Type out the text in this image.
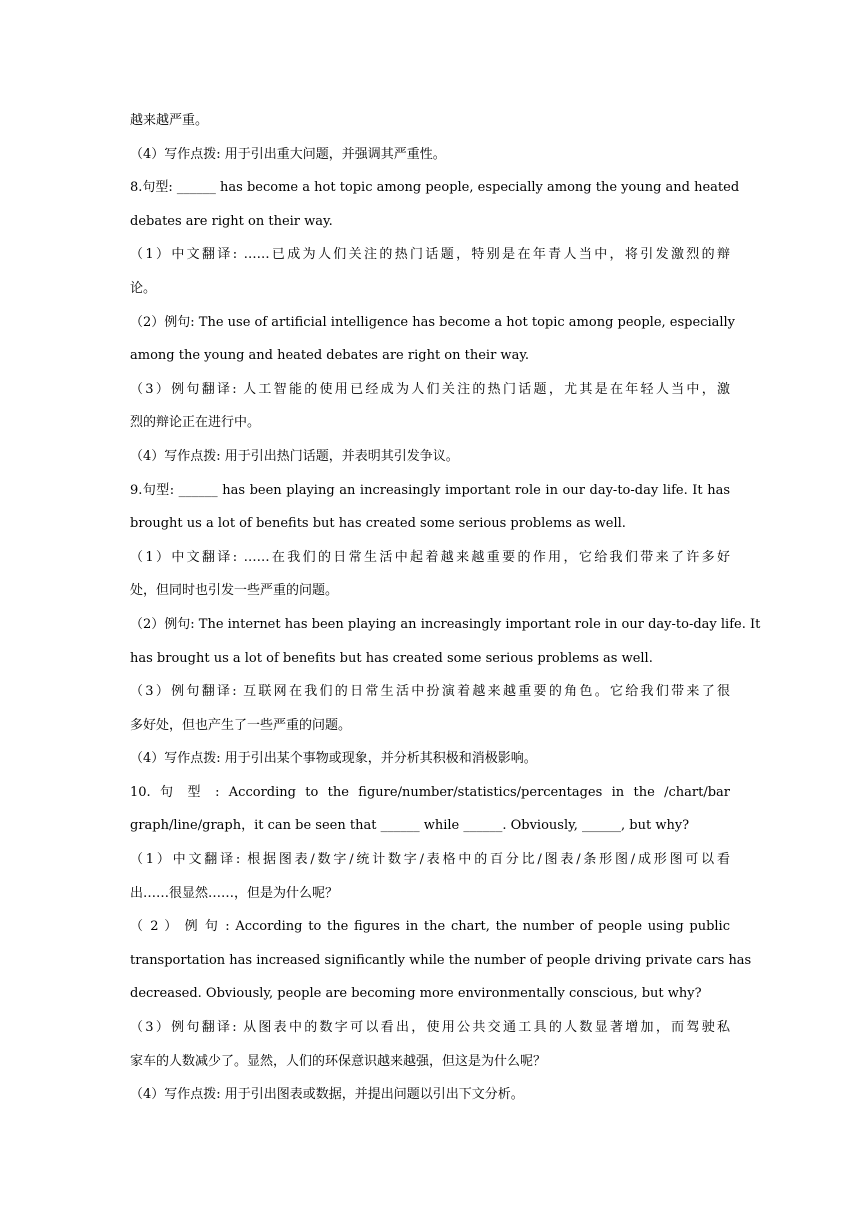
越来越严重。
（4）写作点拨: 用于引出重大问题，并强调其严重性。
8.句型: ______ has become a hot topic among people, especially among the young and heated
debates are right on their way.
（1）中文翻译: ……已成为人们关注的热门话题，特别是在年青人当中，将引发激烈的辩
论。
（2）例句: The use of artificial intelligence has become a hot topic among people, especially
among the young and heated debates are right on their way.
（3）例句翻译: 人工智能的使用已经成为人们关注的热门话题，尤其是在年轻人当中，激
烈的辩论正在进行中。
（4）写作点拨: 用于引出热门话题，并表明其引发争议。
9.句型: ______ has been playing an increasingly important role in our day-to-day life. It has
brought us a lot of benefits but has created some serious problems as well.
（1）中文翻译: ……在我们的日常生活中起着越来越重要的作用，它给我们带来了许多好
处，但同时也引发一些严重的问题。
（2）例句: The internet has been playing an increasingly important role in our day-to-day life. It
has brought us a lot of benefits but has created some serious problems as well.
（3）例句翻译: 互联网在我们的日常生活中扮演着越来越重要的角色。它给我们带来了很
多好处，但也产生了一些严重的问题。
（4）写作点拨: 用于引出某个事物或现象，并分析其积极和消极影响。
10. 句 型 : According to the figure/number/statistics/percentages in the /chart/bar
graph/line/graph，it can be seen that ______ while ______. Obviously, ______, but why?
（1）中文翻译: 根据图表/数字/统计数字/表格中的百分比/图表/条形图/成形图可以看
出……很显然……，但是为什么呢？
（ 2 ） 例 句 : According to the figures in the chart, the number of people using public
transportation has increased significantly while the number of people driving private cars has
decreased. Obviously, people are becoming more environmentally conscious, but why?
（3）例句翻译: 从图表中的数字可以看出，使用公共交通工具的人数显著增加，而驾驶私
家车的人数减少了。显然，人们的环保意识越来越强，但这是为什么呢？
（4）写作点拨: 用于引出图表或数据，并提出问题以引出下文分析。
